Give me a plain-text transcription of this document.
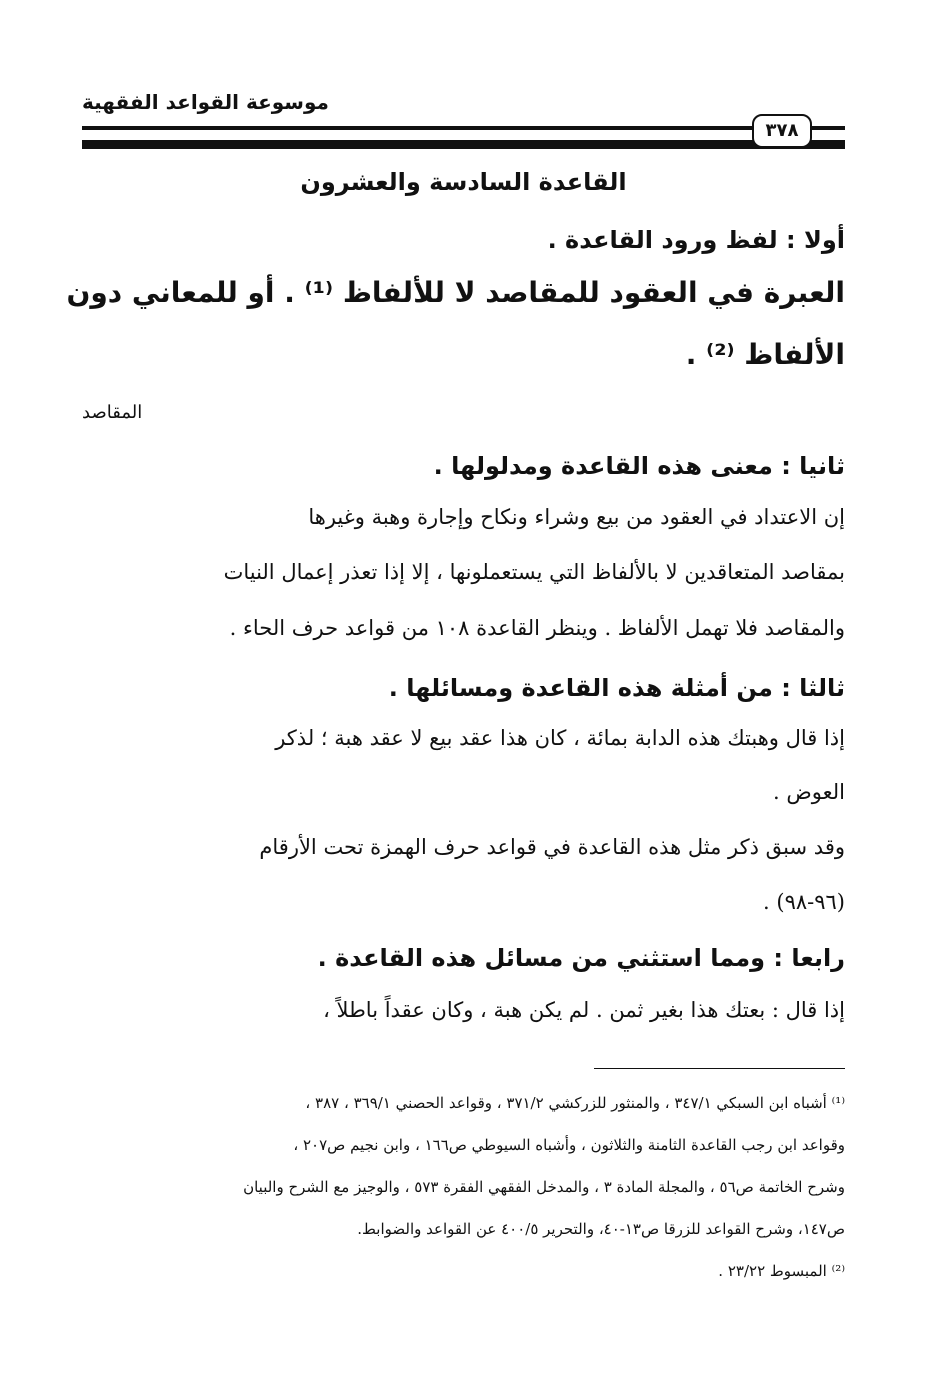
موسوعة القواعد الفقهية
٣٧٨
القاعدة السادسة والعشرون
أولا : لفظ ورود القاعدة .
العبرة في العقود للمقاصد لا للألفاظ ⁽¹⁾ . أو للمعاني دون
الألفاظ ⁽²⁾ .
المقاصد
ثانيا : معنى هذه القاعدة ومدلولها .
إن الاعتداد في العقود من بيع وشراء ونكاح وإجارة وهبة وغيرها
بمقاصد المتعاقدين لا بالألفاظ التي يستعملونها ، إلا إذا تعذر إعمال النيات
والمقاصد فلا تهمل الألفاظ . وينظر القاعدة ١٠٨ من قواعد حرف الحاء .
ثالثا : من أمثلة هذه القاعدة ومسائلها .
إذا قال وهبتك هذه الدابة بمائة ، كان هذا عقد بيع لا عقد هبة ؛ لذكر
العوض .
وقد سبق ذكر مثل هذه القاعدة في قواعد حرف الهمزة تحت الأرقام
(٩٦-٩٨) .
رابعا : ومما استثني من مسائل هذه القاعدة .
إذا قال : بعتك هذا بغير ثمن . لم يكن هبة ، وكان عقداً باطلاً ،
⁽¹⁾ أشباه ابن السبكي ٣٤٧/١ ، والمنثور للزركشي ٣٧١/٢ ، وقواعد الحصني ٣٦٩/١ ، ٣٨٧ ،
وقواعد ابن رجب القاعدة الثامنة والثلاثون ، وأشباه السيوطي ص١٦٦ ، وابن نجيم ص٢٠٧ ،
وشرح الخاتمة ص٥٦ ، والمجلة المادة ٣ ، والمدخل الفقهي الفقرة ٥٧٣ ، والوجيز مع الشرح والبيان
ص١٤٧، وشرح القواعد للزرقا ص١٣-٤٠، والتحرير ٤٠٠/٥ عن القواعد والضوابط.
⁽²⁾ المبسوط ٢٣/٢٢ .
